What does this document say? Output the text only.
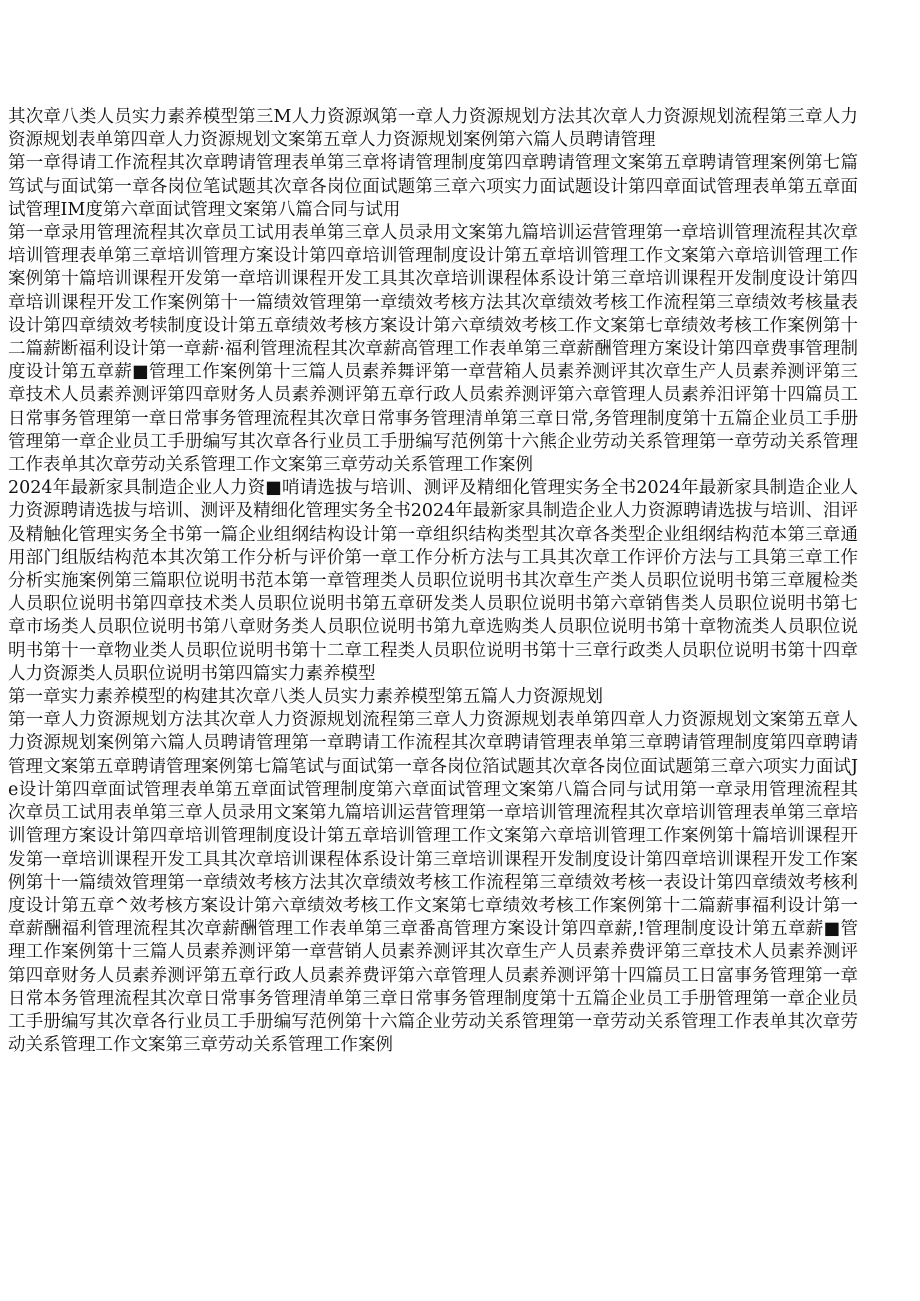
其次章八类人员实力素养模型第三M人力资源飒第一章人力资源规划方法其次章人力资源规划流程第三章人力资源规划表单第四章人力资源规划文案第五章人力资源规划案例第六篇人员聘请管理

第一章得请工作流程其次章聘请管理表单第三章将请管理制度第四章聘请管理文案第五章聘请管理案例第七篇笃试与面试第一章各岗位笔试题其次章各岗位面试题第三章六项实力面试题设计第四章面试管理表单第五章面试管理IM度第六章面试管理文案第八篇合同与试用

第一章录用管理流程其次章员工试用表单第三章人员录用文案第九篇培训运营管理第一章培训管理流程其次章培训管理表单第三章培训管理方案设计第四章培训管理制度设计第五章培训管理工作文案第六章培训管理工作案例第十篇培训课程开发第一章培训课程开发工具其次章培训课程体系设计第三章培训课程开发制度设计第四章培训课程开发工作案例第十一篇绩效管理第一章绩效考核方法其次章绩效考核工作流程第三章绩效考核量表设计第四章绩效考犊制度设计第五章绩效考核方案设计第六章绩效考核工作文案第七章绩效考核工作案例第十二篇薪断福利设计第一章薪·福利管理流程其次章薪高管理工作表单第三章薪酬管理方案设计第四章费事管理制度设计第五章薪■管理工作案例第十三篇人员素养舞评第一章营箱人员素养测评其次章生产人员素养测评第三章技术人员素养测评第四章财务人员素养测评第五章行政人员索养测评第六章管理人员素养汨评第十四篇员工日常事务管理第一章日常事务管理流程其次章日常事务管理清单第三章日常,务管理制度第十五篇企业员工手册管理第一章企业员工手册编写其次章各行业员工手册编写范例第十六熊企业劳动关系管理第一章劳动关系管理工作表单其次章劳动关系管理工作文案第三章劳动关系管理工作案例

2024年最新家具制造企业人力资■哨请选拔与培训、测评及精细化管理实务全书2024年最新家具制造企业人力资源聘请选拔与培训、测评及精细化管理实务全书2024年最新家具制造企业人力资源聘请选拔与培训、泪评及精触化管理实务全书第一篇企业组纲结构设计第一章组织结构类型其次章各类型企业组纲结构范本第三章通用部门组版结构范本其次第工作分析与评价第一章工作分析方法与工具其次章工作评价方法与工具第三章工作分析实施案例第三篇职位说明书范本第一章管理类人员职位说明书其次章生产类人员职位说明书第三章履检类人员职位说明书第四章技术类人员职位说明书第五章研发类人员职位说明书第六章销售类人员职位说明书第七章市场类人员职位说明书第八章财务类人员职位说明书第九章选购类人员职位说明书第十章物流类人员职位说明书第十一章物业类人员职位说明书第十二章工程类人员职位说明书第十三章行政类人员职位说明书第十四章人力资源类人员职位说明书第四篇实力素养模型

第一章实力素养模型的构建其次章八类人员实力素养模型第五篇人力资源规划

第一章人力资源规划方法其次章人力资源规划流程第三章人力资源规划表单第四章人力资源规划文案第五章人力资源规划案例第六篇人员聘请管理第一章聘请工作流程其次章聘请管理表单第三章聘请管理制度第四章聘请管理文案第五章聘请管理案例第七篇笔试与面试第一章各岗位箔试题其次章各岗位面试题第三章六项实力面试Je设计第四章面试管理表单第五章面试管理制度第六章面试管理文案第八篇合同与试用第一章录用管理流程其次章员工试用表单第三章人员录用文案第九篇培训运营管理第一章培训管理流程其次章培训管理表单第三章培训管理方案设计第四章培训管理制度设计第五章培训管理工作文案第六章培训管理工作案例第十篇培训课程开发第一章培训课程开发工具其次章培训课程体系设计第三章培训课程开发制度设计第四章培训课程开发工作案例第十一篇绩效管理第一章绩效考核方法其次章绩效考核工作流程第三章绩效考核一表设计第四章绩效考核利度设计第五章^效考核方案设计第六章绩效考核工作文案第七章绩效考核工作案例第十二篇薪事福利设计第一章薪酬福利管理流程其次章薪酬管理工作表单第三章番髙管理方案设计第四章薪,!管理制度设计第五章薪■管理工作案例第十三篇人员素养测评第一章营销人员素养测评其次章生产人员素养费评第三章技术人员素养测评第四章财务人员素养测评第五章行政人员素养费评第六章管理人员素养测评第十四篇员工日富事务管理第一章日常本务管理流程其次章日常事务管理清单第三章日常事务管理制度第十五篇企业员工手册管理第一章企业员工手册编写其次章各行业员工手册编写范例第十六篇企业劳动关系管理第一章劳动关系管理工作表单其次章劳动关系管理工作文案第三章劳动关系管理工作案例
